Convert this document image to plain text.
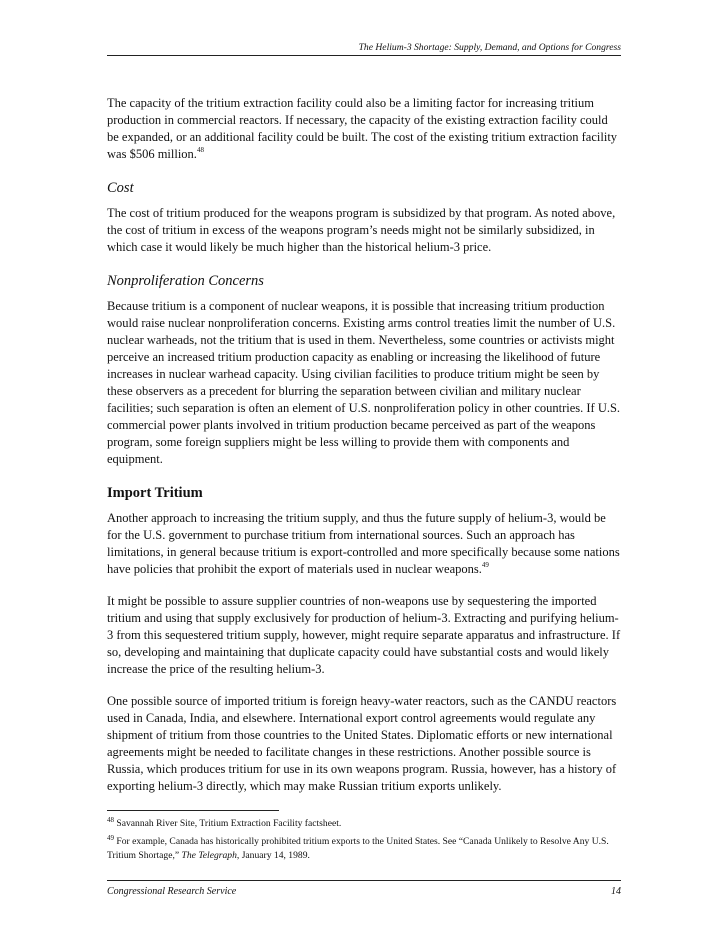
The Helium-3 Shortage: Supply, Demand, and Options for Congress

The capacity of the tritium extraction facility could also be a limiting factor for increasing tritium production in commercial reactors. If necessary, the capacity of the existing extraction facility could be expanded, or an additional facility could be built. The cost of the existing tritium extraction facility was $506 million.$^{48}$

Cost

The cost of tritium produced for the weapons program is subsidized by that program. As noted above, the cost of tritium in excess of the weapons program’s needs might not be similarly subsidized, in which case it would likely be much higher than the historical helium-3 price.

Nonproliferation Concerns

Because tritium is a component of nuclear weapons, it is possible that increasing tritium production would raise nuclear nonproliferation concerns. Existing arms control treaties limit the number of U.S. nuclear warheads, not the tritium that is used in them. Nevertheless, some countries or activists might perceive an increased tritium production capacity as enabling or increasing the likelihood of future increases in nuclear warhead capacity. Using civilian facilities to produce tritium might be seen by these observers as a precedent for blurring the separation between civilian and military nuclear facilities; such separation is often an element of U.S. nonproliferation policy in other countries. If U.S. commercial power plants involved in tritium production became perceived as part of the weapons program, some foreign suppliers might be less willing to provide them with components and equipment.

Import Tritium

Another approach to increasing the tritium supply, and thus the future supply of helium-3, would be for the U.S. government to purchase tritium from international sources. Such an approach has limitations, in general because tritium is export-controlled and more specifically because some nations have policies that prohibit the export of materials used in nuclear weapons.$^{49}$

It might be possible to assure supplier countries of non-weapons use by sequestering the imported tritium and using that supply exclusively for production of helium-3. Extracting and purifying helium-3 from this sequestered tritium supply, however, might require separate apparatus and infrastructure. If so, developing and maintaining that duplicate capacity could have substantial costs and would likely increase the price of the resulting helium-3.

One possible source of imported tritium is foreign heavy-water reactors, such as the CANDU reactors used in Canada, India, and elsewhere. International export control agreements would regulate any shipment of tritium from those countries to the United States. Diplomatic efforts or new international agreements might be needed to facilitate changes in these restrictions. Another possible source is Russia, which produces tritium for use in its own weapons program. Russia, however, has a history of exporting helium-3 directly, which may make Russian tritium exports unlikely.

$^{48}$ Savannah River Site, Tritium Extraction Facility factsheet.
$^{49}$ For example, Canada has historically prohibited tritium exports to the United States. See “Canada Unlikely to Resolve Any U.S. Tritium Shortage,” The Telegraph, January 14, 1989.
Congressional Research Service	14
